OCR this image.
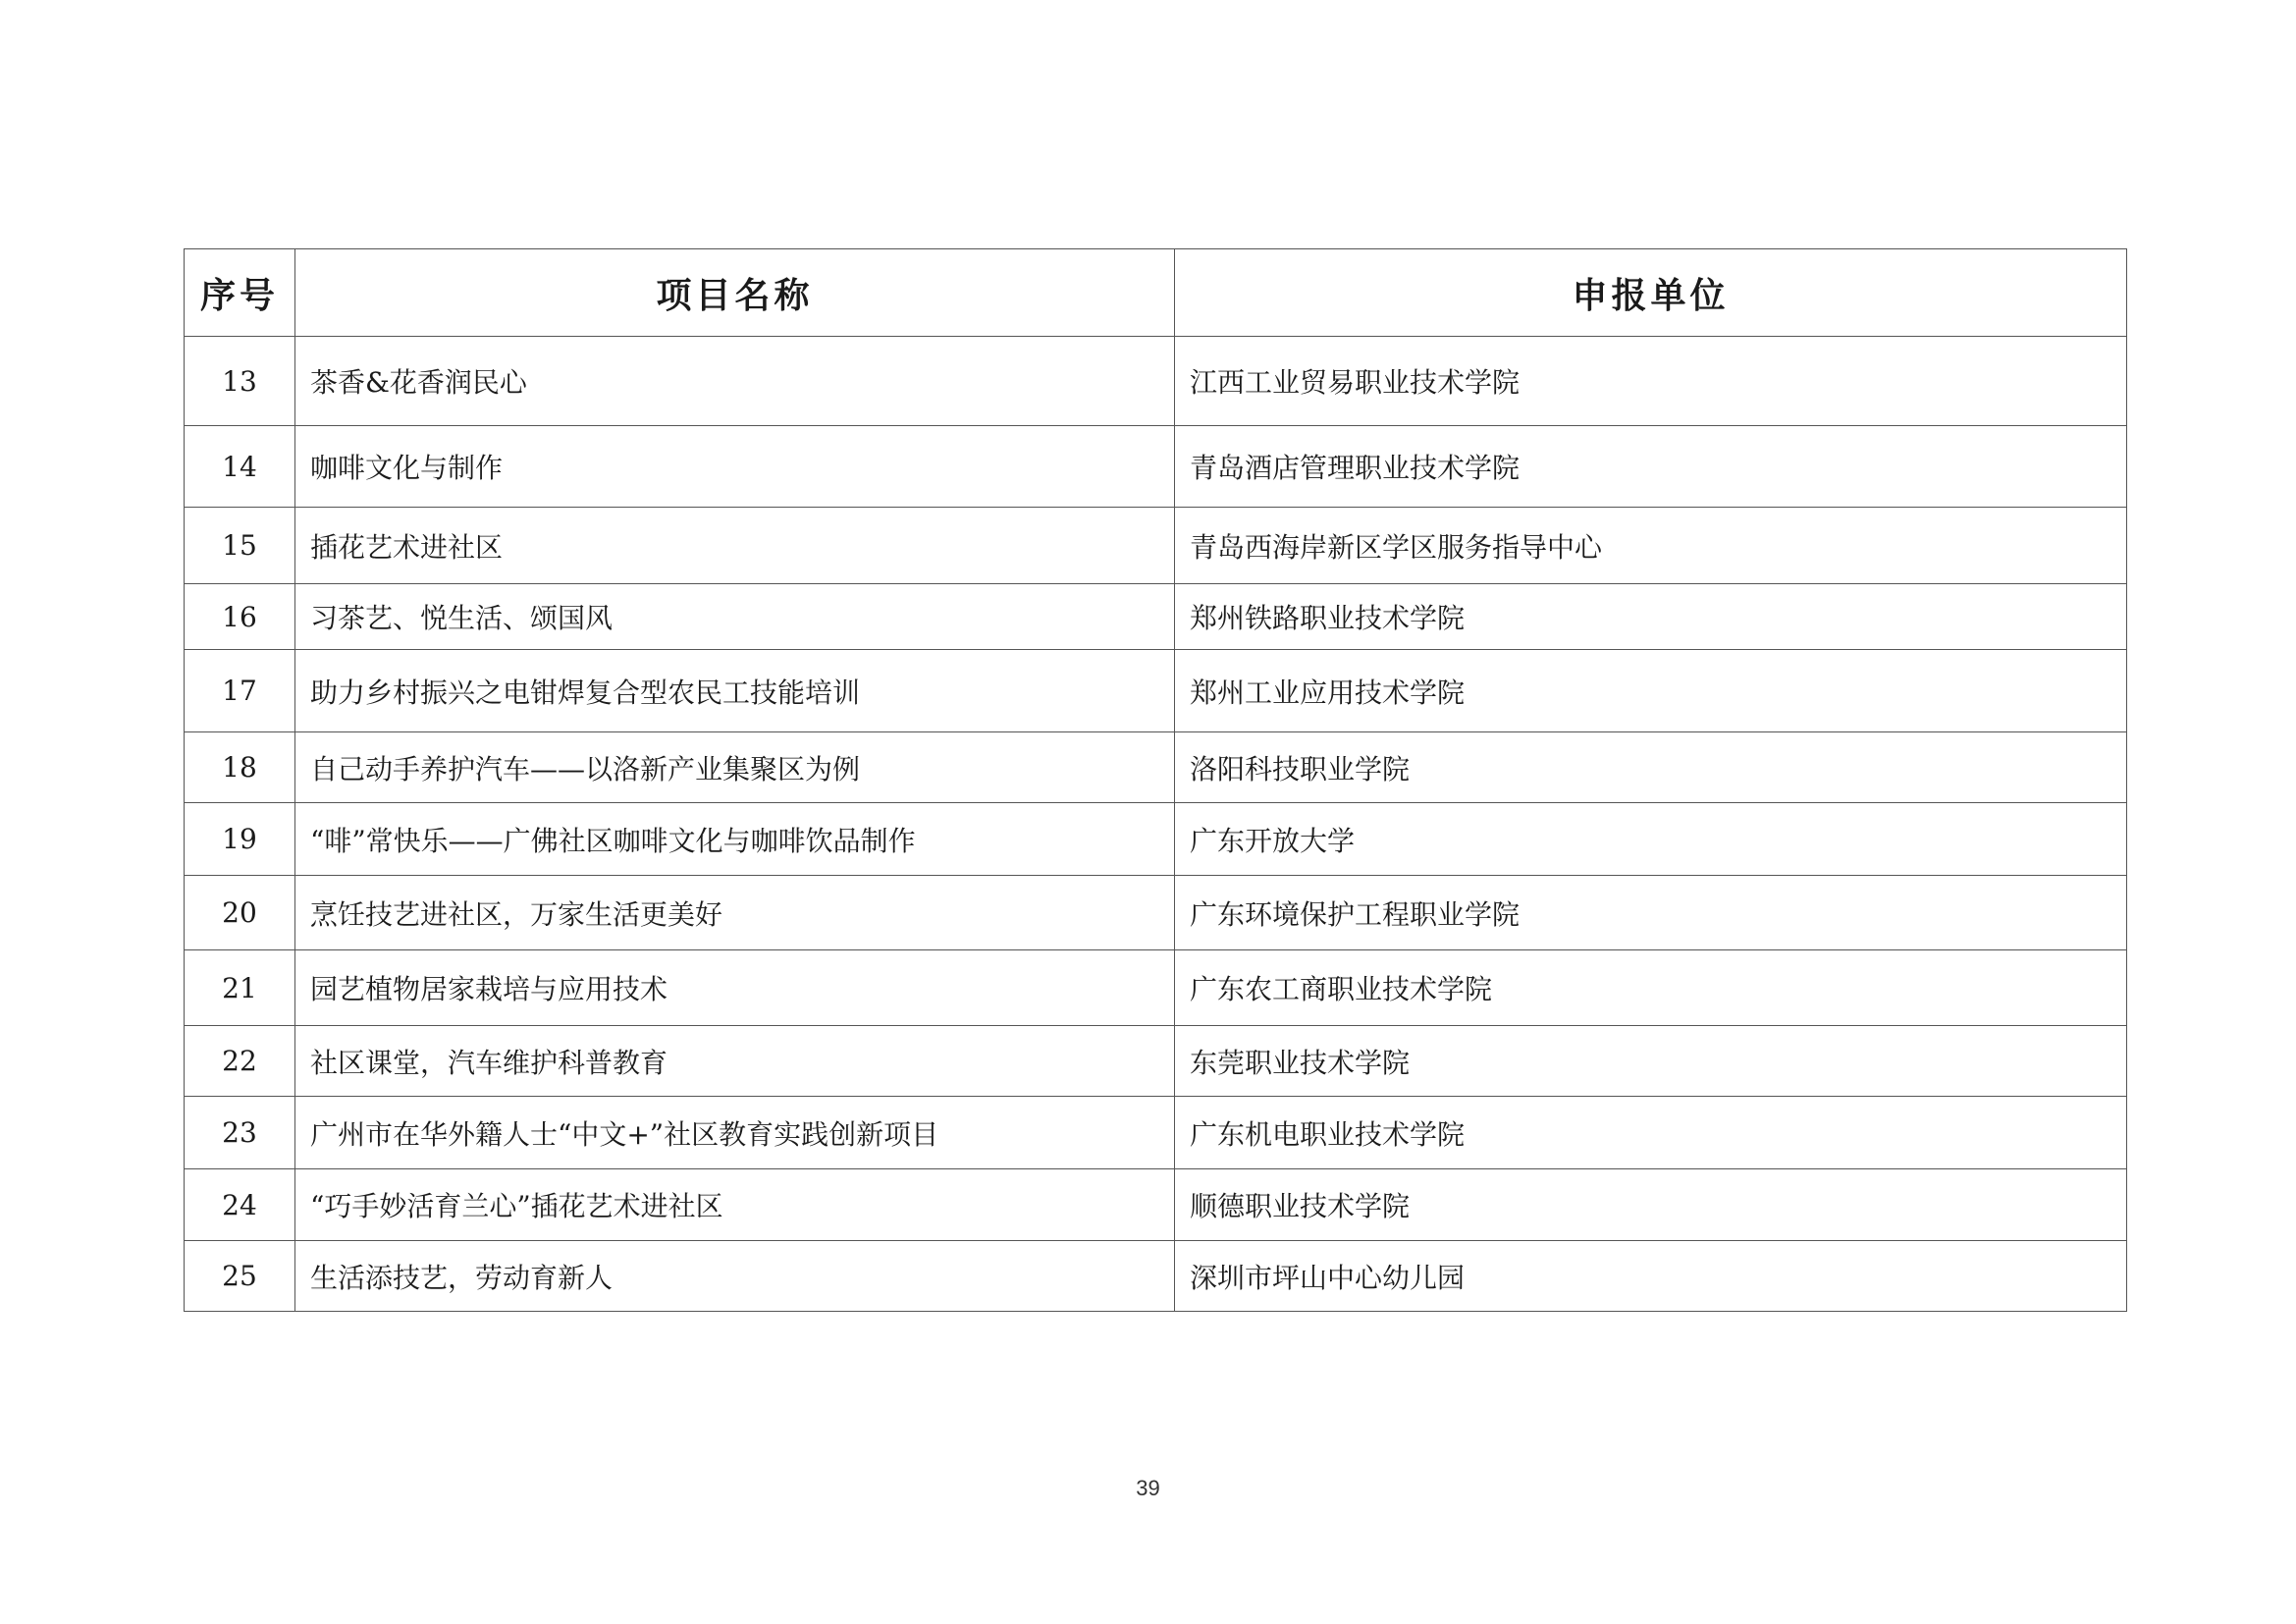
序号	项目名称	申报单位
13	茶香&花香润民心	江西工业贸易职业技术学院
14	咖啡文化与制作	青岛酒店管理职业技术学院
15	插花艺术进社区	青岛西海岸新区学区服务指导中心
16	习茶艺、悦生活、颂国风	郑州铁路职业技术学院
17	助力乡村振兴之电钳焊复合型农民工技能培训	郑州工业应用技术学院
18	自己动手养护汽车——以洛新产业集聚区为例	洛阳科技职业学院
19	“啡”常快乐——广佛社区咖啡文化与咖啡饮品制作	广东开放大学
20	烹饪技艺进社区，万家生活更美好	广东环境保护工程职业学院
21	园艺植物居家栽培与应用技术	广东农工商职业技术学院
22	社区课堂，汽车维护科普教育	东莞职业技术学院
23	广州市在华外籍人士“中文+”社区教育实践创新项目	广东机电职业技术学院
24	“巧手妙活育兰心”插花艺术进社区	顺德职业技术学院
25	生活添技艺，劳动育新人	深圳市坪山中心幼儿园
39
